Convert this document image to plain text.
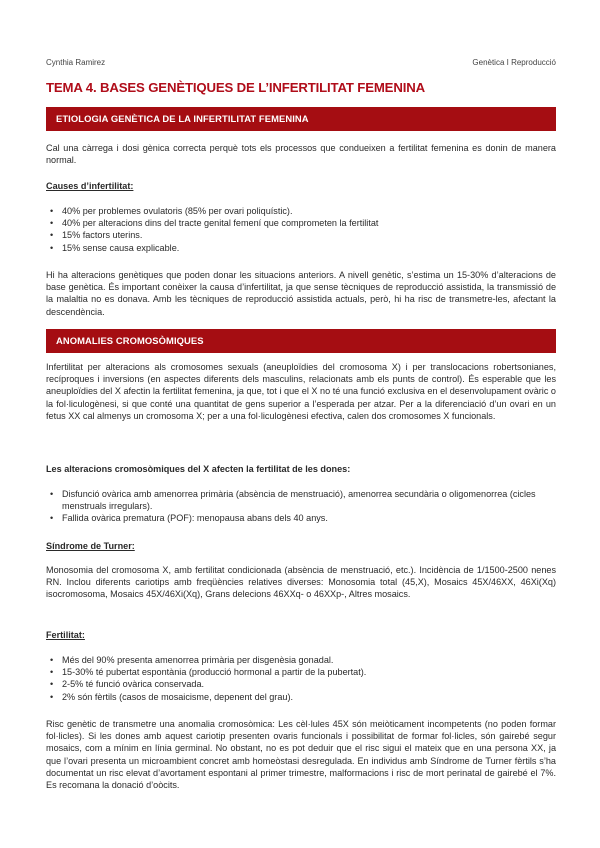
Cynthia Ramirez	Genètica I Reproducció
TEMA 4. BASES GENÈTIQUES DE L’INFERTILITAT FEMENINA
ETIOLOGIA GENÈTICA DE LA INFERTILITAT FEMENINA
Cal una càrrega i dosi gènica correcta perquè tots els processos que condueixen a fertilitat femenina es donin de manera normal.
Causes d’infertilitat:
• 40% per problemes ovulatoris (85% per ovari poliquístic).
• 40% per alteracions dins del tracte genital femení que comprometen la fertilitat
• 15% factors uterins.
• 15% sense causa explicable.
Hi ha alteracions genètiques que poden donar les situacions anteriors. A nivell genètic, s’estima un 15-30% d’alteracions de base genètica. És important conèixer la causa d’infertilitat, ja que sense tècniques de reproducció assistida, la transmissió de la malaltia no es donava. Amb les tècniques de reproducció assistida actuals, però, hi ha risc de transmetre-les, afectant la descendència.
ANOMALIES CROMOSÒMIQUES
Infertilitat per alteracions als cromosomes sexuals (aneuploïdies del cromosoma X) i per translocacions robertsonianes, recíproques i inversions (en aspectes diferents dels masculins, relacionats amb els punts de control). És esperable que les aneuploïdies del X afectin la fertilitat femenina, ja que, tot i que el X no té una funció exclusiva en el desenvolupament ovàric o la fol·liculogènesi, si que conté una quantitat de gens superior a l’esperada per atzar. Per a la diferenciació d’un ovari en un fetus XX cal almenys un cromosoma X; per a una fol·liculogènesi efectiva, calen dos cromosomes X funcionals.
Les alteracions cromosòmiques del X afecten la fertilitat de les dones:
• Disfunció ovàrica amb amenorrea primària (absència de menstruació), amenorrea secundària o oligomenorrea (cicles menstruals irregulars).
• Fallida ovàrica prematura (POF): menopausa abans dels 40 anys.
Síndrome de Turner:
Monosomia del cromosoma X, amb fertilitat condicionada (absència de menstruació, etc.). Incidència de 1/1500-2500 nenes RN. Inclou diferents cariotips amb freqüències relatives diverses: Monosomia total (45,X), Mosaics 45X/46XX, 46Xi(Xq) isocromosoma, Mosaics 45X/46Xi(Xq), Grans delecions 46XXq- o 46XXp-, Altres mosaics.
Fertilitat:
• Més del 90% presenta amenorrea primària per disgenèsia gonadal.
• 15-30% té pubertat espontània (producció hormonal a partir de la pubertat).
• 2-5% té funció ovàrica conservada.
• 2% són fèrtils (casos de mosaicisme, depenent del grau).
Risc genètic de transmetre una anomalia cromosòmica: Les cèl·lules 45X són meiòticament incompetents (no poden formar fol·licles). Si les dones amb aquest cariotip presenten ovaris funcionals i possibilitat de formar fol·licles, són gairebé segur mosaics, com a mínim en línia germinal. No obstant, no es pot deduir que el risc sigui el mateix que en una persona XX, ja que l’ovari presenta un microambient concret amb homeòstasi desregulada. En individus amb Síndrome de Turner fèrtils s’ha documentat un risc elevat d’avortament espontani al primer trimestre, malformacions i risc de mort perinatal de gairebé el 7%. Es recomana la donació d’oòcits.
